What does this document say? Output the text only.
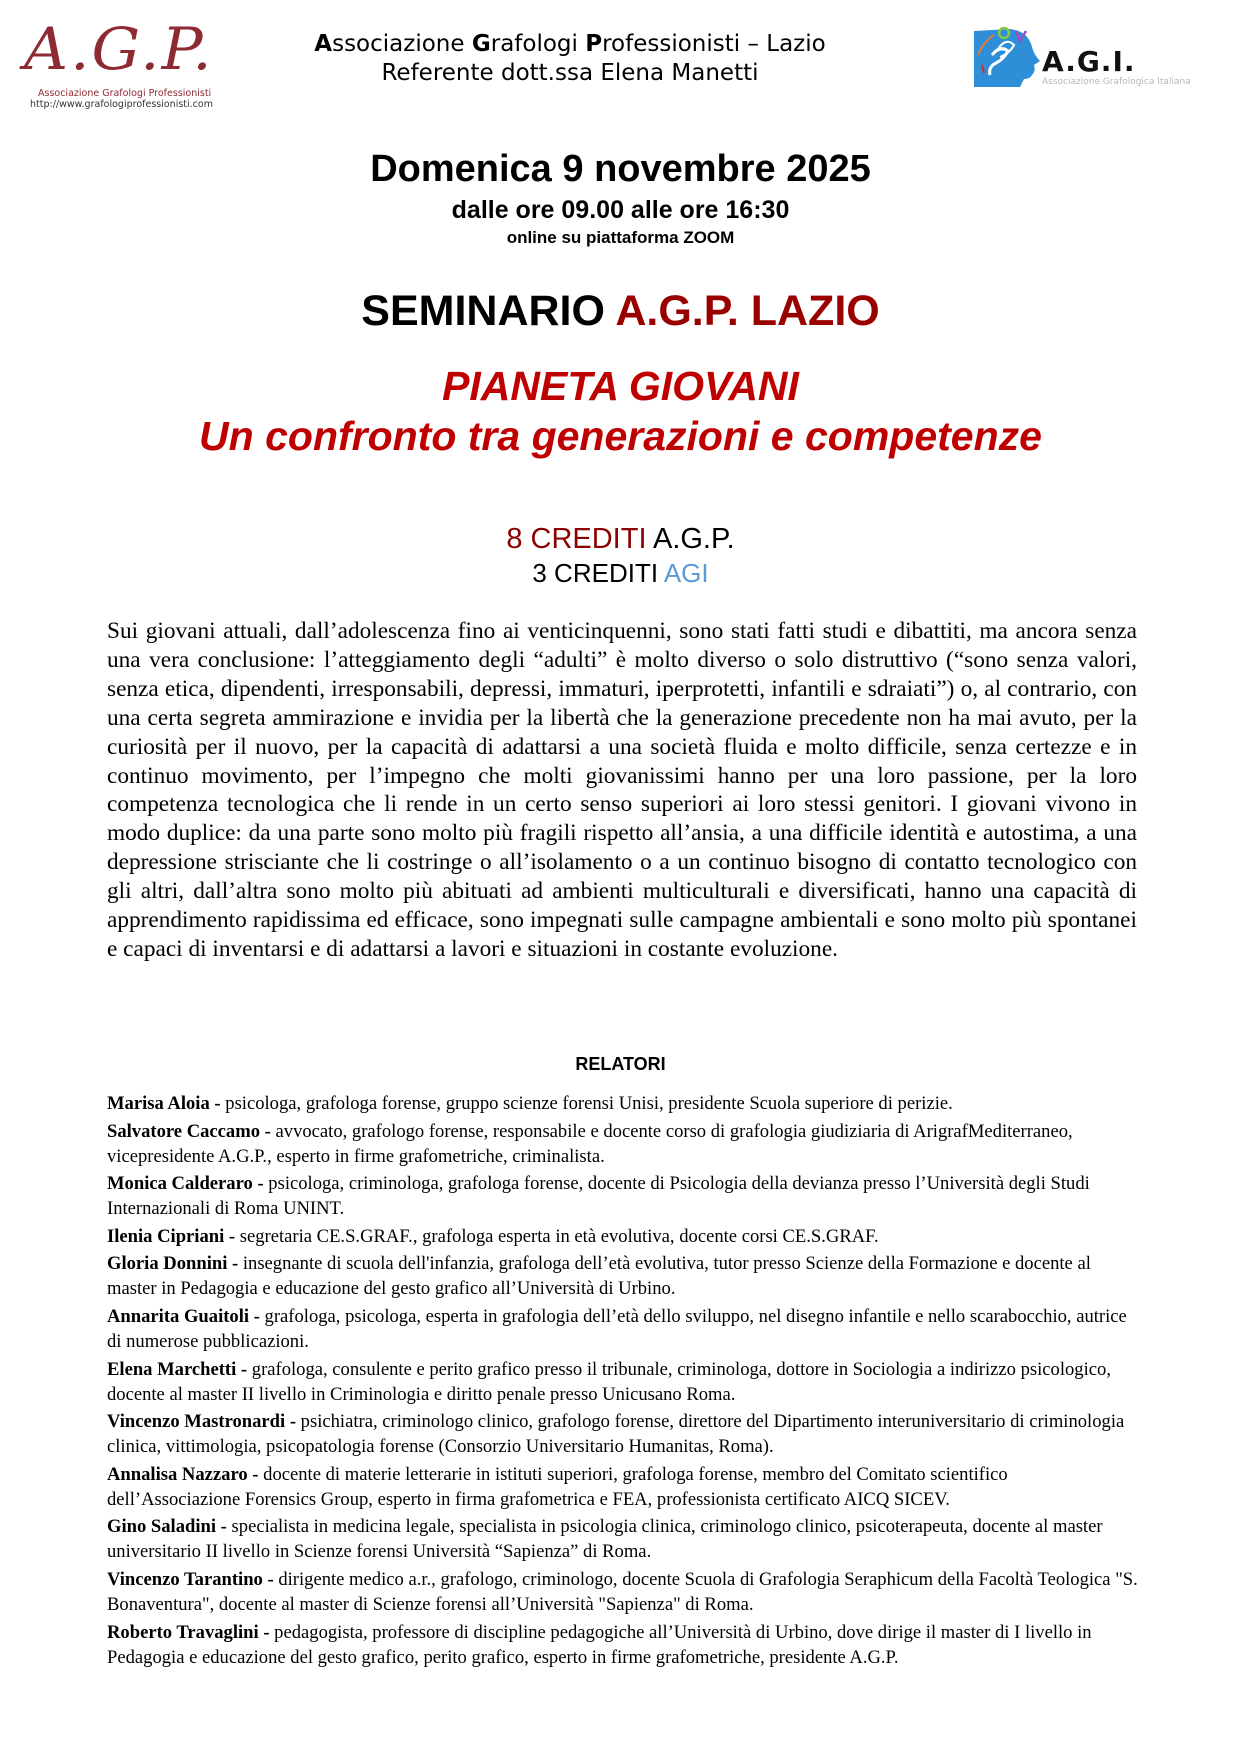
A.G.P.
Associazione Grafologi Professionisti
http://www.grafologiprofessionisti.com
Associazione Grafologi Professionisti – Lazio
Referente dott.ssa Elena Manetti	A.G.I.
Associazione Grafologica Italiana
Domenica 9 novembre 2025
dalle ore 09.00 alle ore 16:30
online su piattaforma ZOOM
SEMINARIO A.G.P. LAZIO
PIANETA GIOVANI
Un confronto tra generazioni e competenze
8 CREDITI A.G.P.
3 CREDITI AGI
Sui giovani attuali, dall’adolescenza fino ai venticinquenni, sono stati fatti studi e dibattiti, ma ancora senza una vera conclusione: l’atteggiamento degli “adulti” è molto diverso o solo distruttivo (“sono senza valori, senza etica, dipendenti, irresponsabili, depressi, immaturi, iperprotetti, infantili e sdraiati”) o, al contrario, con una certa segreta ammirazione e invidia per la libertà che la generazione precedente non ha mai avuto, per la curiosità per il nuovo, per la capacità di adattarsi a una società fluida e molto difficile, senza certezze e in continuo movimento, per l’impegno che molti giovanissimi hanno per una loro passione, per la loro competenza tecnologica che li rende in un certo senso superiori ai loro stessi genitori. I giovani vivono in modo duplice: da una parte sono molto più fragili rispetto all’ansia, a una difficile identità e autostima, a una depressione strisciante che li costringe o all’isolamento o a un continuo bisogno di contatto tecnologico con gli altri, dall’altra sono molto più abituati ad ambienti multiculturali e diversificati, hanno una capacità di apprendimento rapidissima ed efficace, sono impegnati sulle campagne ambientali e sono molto più spontanei e capaci di inventarsi e di adattarsi a lavori e situazioni in costante evoluzione.
RELATORI
Marisa Aloia - psicologa, grafologa forense, gruppo scienze forensi Unisi, presidente Scuola superiore di perizie.
Salvatore Caccamo - avvocato, grafologo forense, responsabile e docente corso di grafologia giudiziaria di ArigrafMediterraneo, vicepresidente A.G.P., esperto in firme grafometriche, criminalista.
Monica Calderaro - psicologa, criminologa, grafologa forense, docente di Psicologia della devianza presso l’Università degli Studi Internazionali di Roma UNINT.
Ilenia Cipriani - segretaria CE.S.GRAF., grafologa esperta in età evolutiva, docente corsi CE.S.GRAF.
Gloria Donnini - insegnante di scuola dell'infanzia, grafologa dell’età evolutiva, tutor presso Scienze della Formazione e docente al master in Pedagogia e educazione del gesto grafico all’Università di Urbino.
Annarita Guaitoli - grafologa, psicologa, esperta in grafologia dell’età dello sviluppo, nel disegno infantile e nello scarabocchio, autrice di numerose pubblicazioni.
Elena Marchetti - grafologa, consulente e perito grafico presso il tribunale, criminologa, dottore in Sociologia a indirizzo psicologico, docente al master II livello in Criminologia e diritto penale presso Unicusano Roma.
Vincenzo Mastronardi - psichiatra, criminologo clinico, grafologo forense, direttore del Dipartimento interuniversitario di criminologia clinica, vittimologia, psicopatologia forense (Consorzio Universitario Humanitas, Roma).
Annalisa Nazzaro - docente di materie letterarie in istituti superiori, grafologa forense, membro del Comitato scientifico dell’Associazione Forensics Group, esperto in firma grafometrica e FEA, professionista certificato AICQ SICEV.
Gino Saladini - specialista in medicina legale, specialista in psicologia clinica, criminologo clinico, psicoterapeuta, docente al master universitario II livello in Scienze forensi Università “Sapienza” di Roma.
Vincenzo Tarantino - dirigente medico a.r., grafologo, criminologo, docente Scuola di Grafologia Seraphicum della Facoltà Teologica "S. Bonaventura", docente al master di Scienze forensi all’Università "Sapienza" di Roma.
Roberto Travaglini - pedagogista, professore di discipline pedagogiche all’Università di Urbino, dove dirige il master di I livello in Pedagogia e educazione del gesto grafico, perito grafico, esperto in firme grafometriche, presidente A.G.P.
